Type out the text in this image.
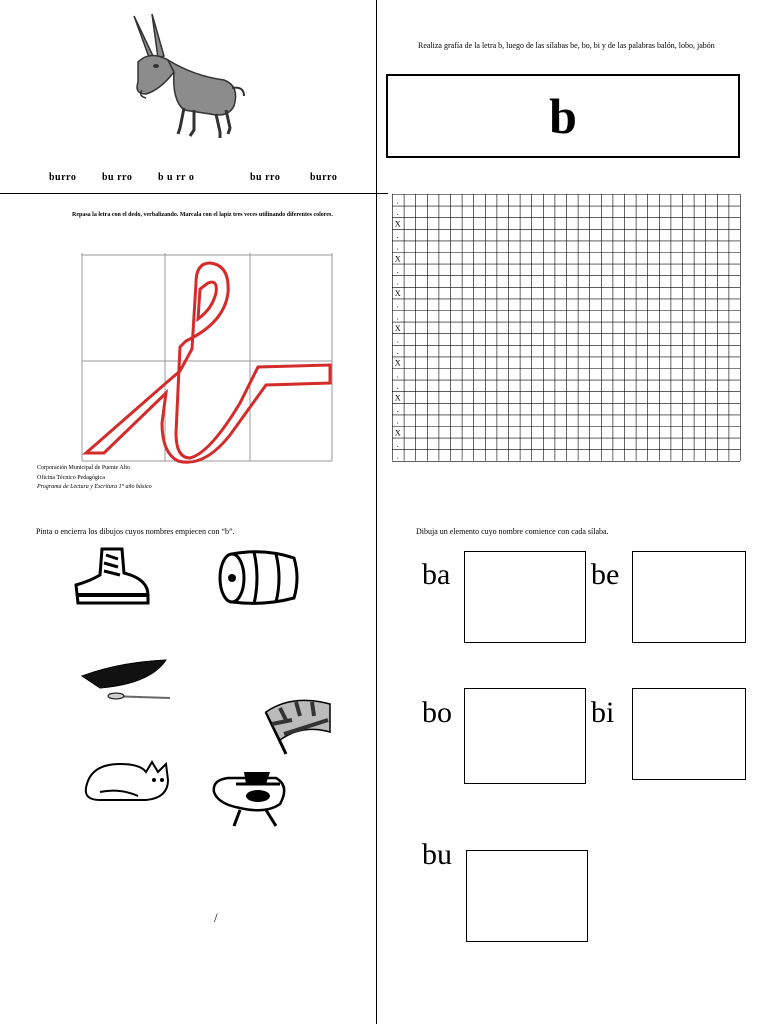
burro	bu rro	b u rr o	bu rro	burro
Realiza grafía de la letra b, luego de las sílabas be, bo, bi y de las palabras balón, lobo, jabón
b
Repasa la letra con el dedo, verbalizando. Marcala con el lapiz tres veces utilinando diferentes colores.
Corporación Municipal de Puente Alto
Oficina Técnico Pedagógica
Programa de Lectura y Escritura 1° año básico
.
.
X
.
.
X
.
.
X
.
.
X
.
.
X
.
.
X
.
.
X
.
.
Pinta o encierra los dibujos cuyos nombres empiecen con “b”.
/
Dibuja un elemento cuyo nombre comience con cada sílaba.
ba	be
bo	bi
bu
